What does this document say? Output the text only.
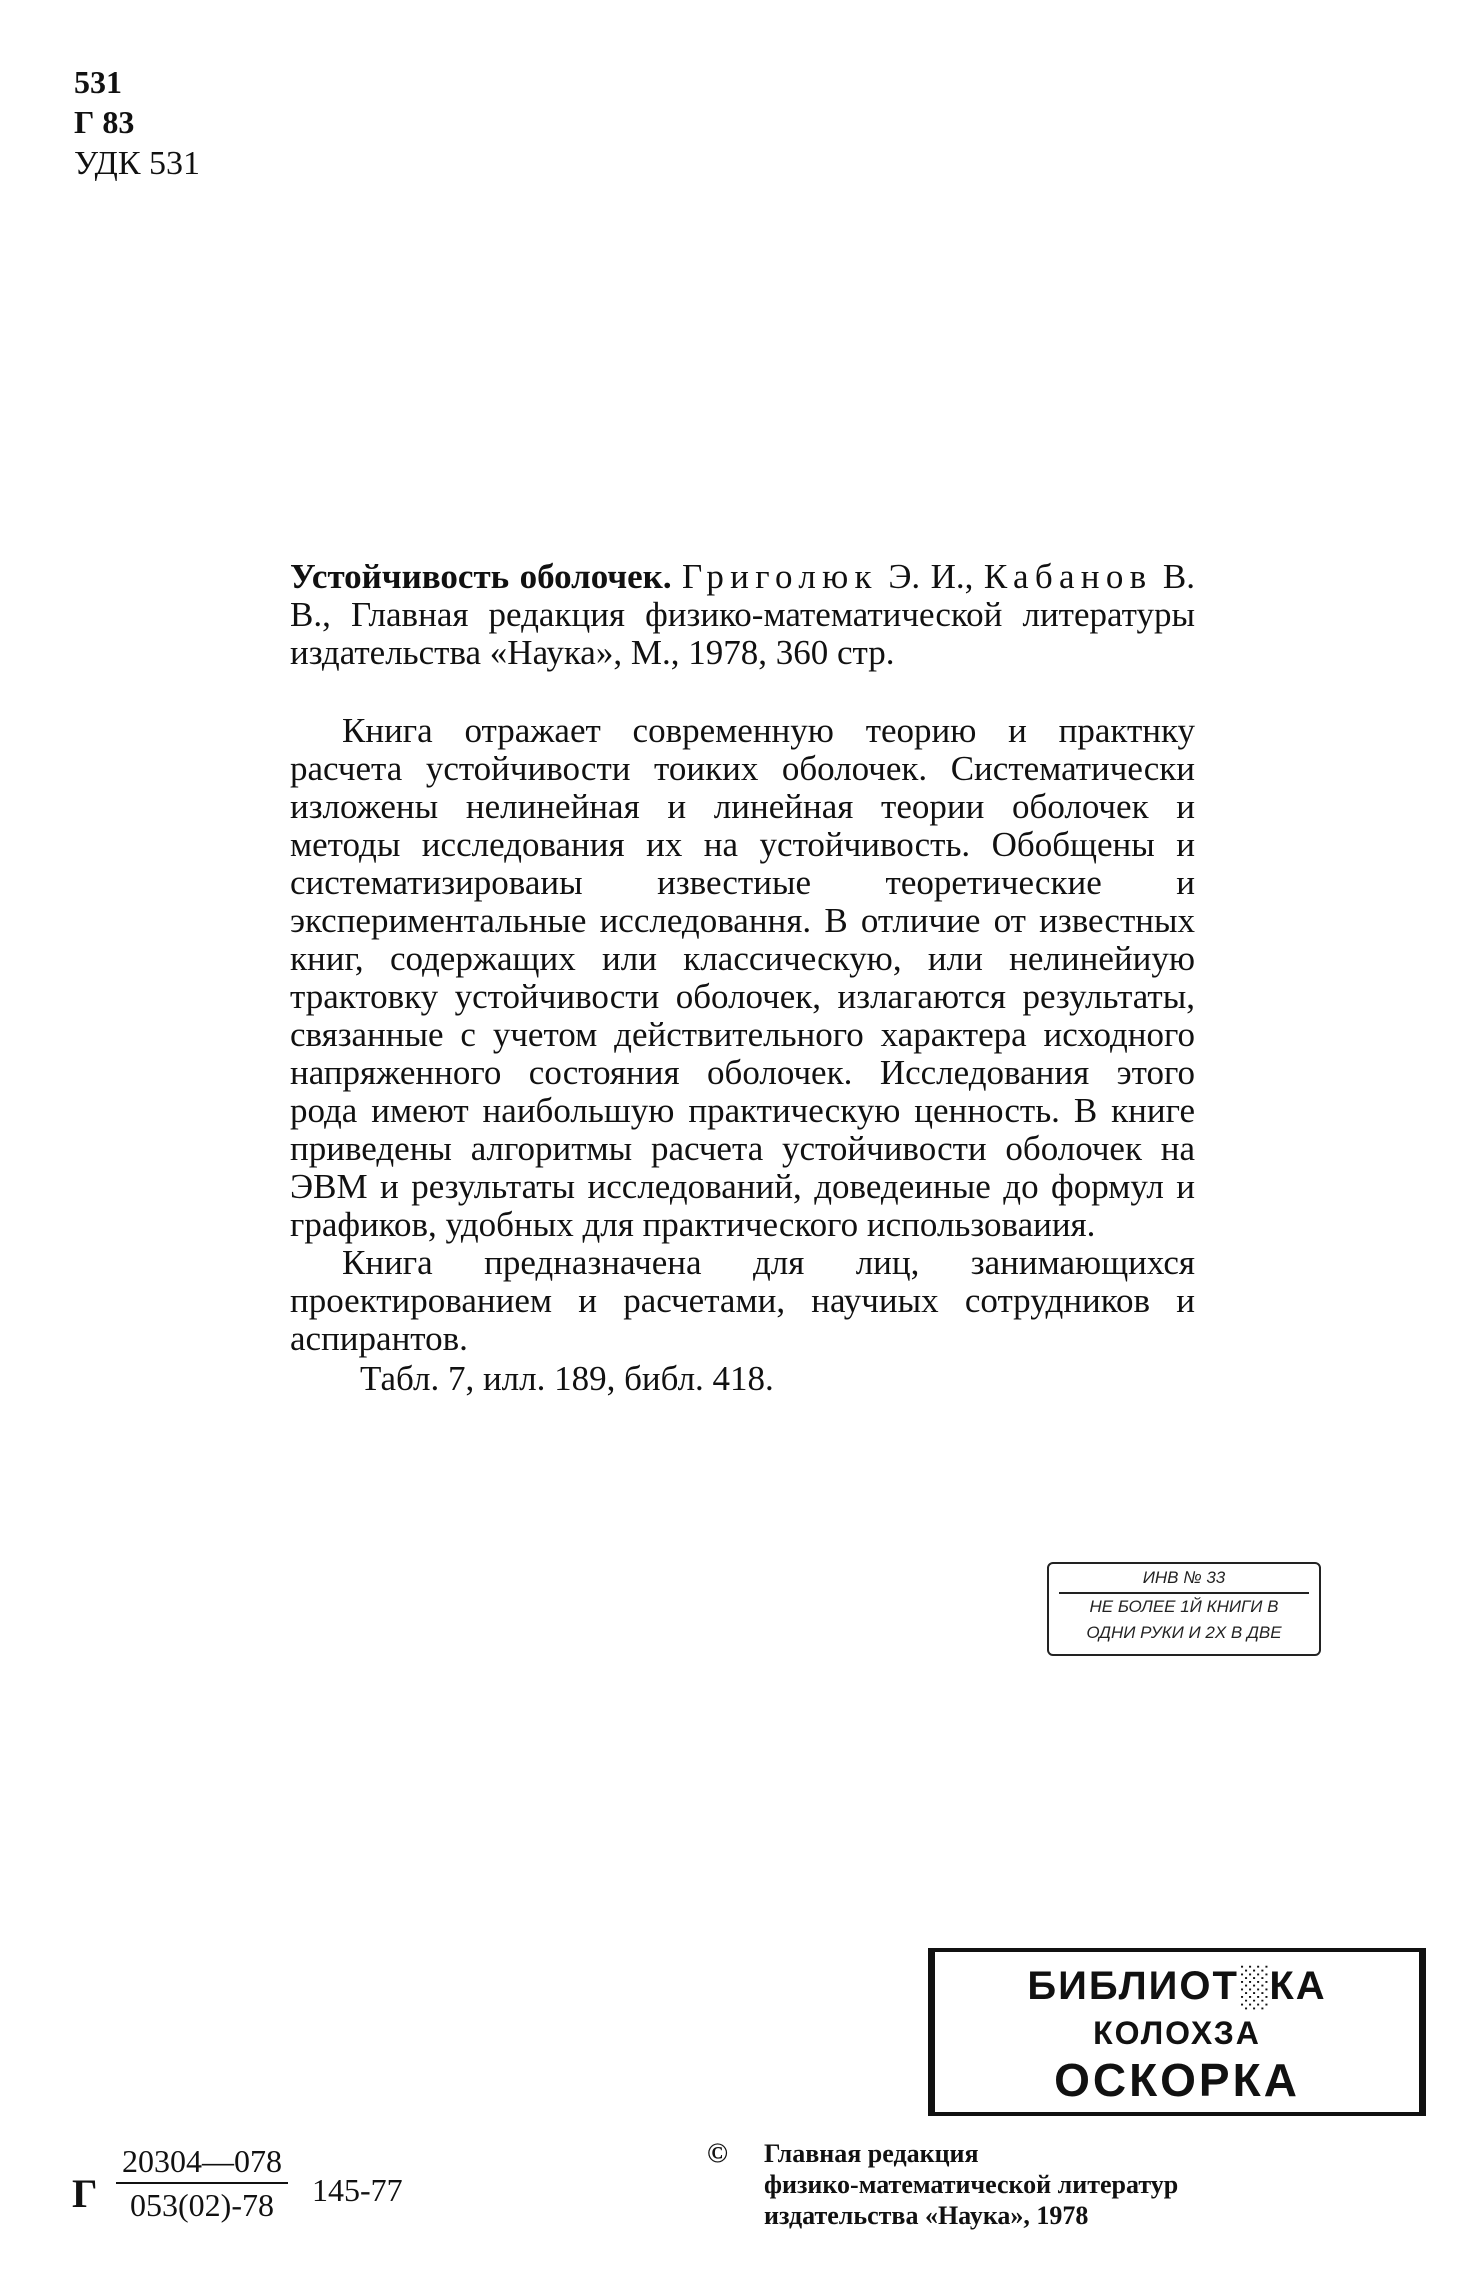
531
Г 83
УДК 531
Устойчивость оболочек. Григолюк Э. И., Кабанов В. В., Главная редакция физико-математической литературы издательства «Наука», М., 1978, 360 стр.

Книга отражает современную теорию и практнку расчета устойчивости тоиких оболочек. Систематически изложены нелинейная и линейная теории оболочек и методы исследования их на устойчивость. Обобщены и систематизироваиы известиые теоретические и экспериментальные исследовання. В отличие от известных книг, содержащих или классическую, или нелинейиую трактовку устойчивости оболочек, излагаются результаты, связанные с учетом действительного характера исходного напряженного состояния оболочек. Исследования этого рода имеют наибольшую практическую ценность. В книге приведены алгоритмы расчета устойчивости оболочек на ЭВМ и результаты исследований, доведеиные до формул и графиков, удобных для практического использоваиия.

Книга предназначена для лиц, занимающихся проектированием и расчетами, научиых сотрудников и аспирантов.

Табл. 7, илл. 189, библ. 418.

ИНВ № 33
НЕ БОЛЕЕ 1Й КНИГИ В
ОДНИ РУКИ И 2Х В ДВЕ
БИБЛИОТ░КА
КОЛОХЗА
ОСКОРКА
Г $\frac{20304—078}{053(02)-78} 145-77$
© Главная редакция
физико-математической литератур
издательства «Наука», 1978
